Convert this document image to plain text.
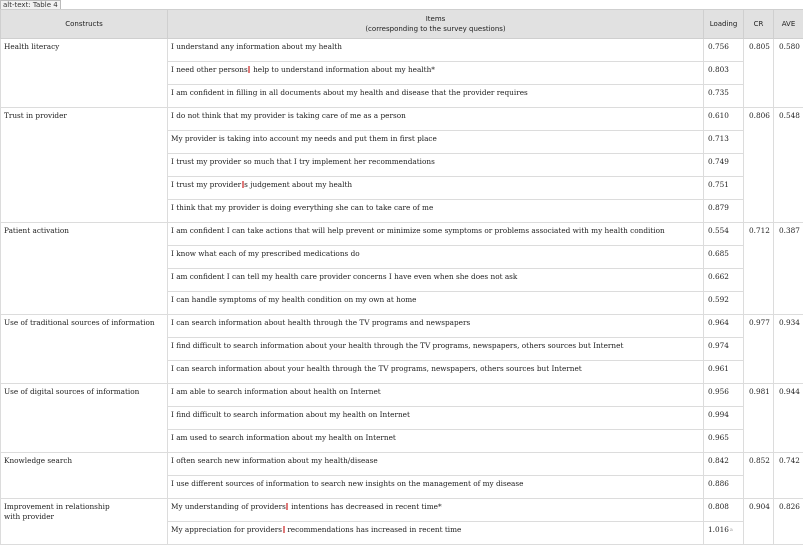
alt-text: Table 4
Constructs	Items
(corresponding to the survey questions)	Loading	CR	AVE
Health literacy	I understand any information about my health	0.756	0.805	0.580
	I need other persons help to understand information about my health*	0.803		
	I am confident in filling in all documents about my health and disease that the provider requires	0.735		
Trust in provider	I do not think that my provider is taking care of me as a person	0.610	0.806	0.548
	My provider is taking into account my needs and put them in first place	0.713		
	I trust my provider so much that I try implement her recommendations	0.749		
	I trust my provider s judgement about my health	0.751		
	I think that my provider is doing everything she can to take care of me	0.879		
Patient activation	I am confident I can take actions that will help prevent or minimize some symptoms or problems associated with my health condition	0.554	0.712	0.387
	I know what each of my prescribed medications do	0.685		
	I am confident I can tell my health care provider concerns I have even when she does not ask	0.662		
	I can handle symptoms of my health condition on my own at home	0.592		
Use of traditional sources of information	I can search information about health through the TV programs and newspapers	0.964	0.977	0.934
	I find difficult to search information about your health through the TV programs, newspapers, others sources but Internet	0.974		
	I can search information about your health through the TV programs, newspapers, others sources but Internet	0.961		
Use of digital sources of information	I am able to search information about health on Internet	0.956	0.981	0.944
	I find difficult to search information about my health on Internet	0.994		
	I am used to search information about my health on Internet	0.965		
Knowledge search	I often search new information about my health/disease	0.842	0.852	0.742
	I use different sources of information to search new insights on the management of my disease	0.886		

Improvement in relationship
with provider	My understanding of providers intentions has decreased in recent time*	0.808	0.904	0.826
	My appreciation for providers recommendations has increased in recent time	1.016a		
